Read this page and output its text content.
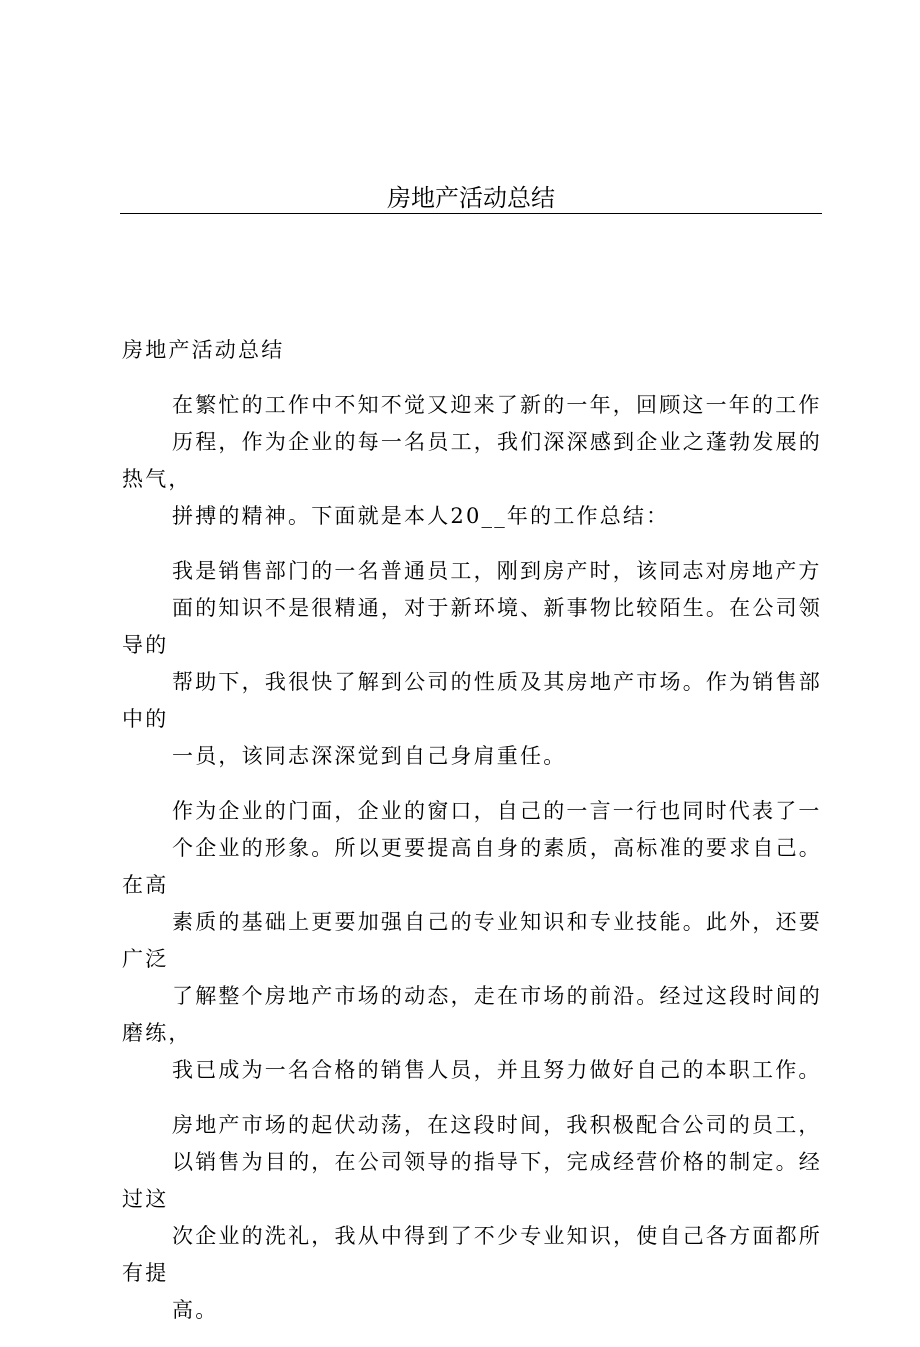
房地产活动总结
房地产活动总结
在繁忙的工作中不知不觉又迎来了新的一年，回顾这一年的工作
历程，作为企业的每一名员工，我们深深感到企业之蓬勃发展的热气，
拼搏的精神。下面就是本人20__年的工作总结：
我是销售部门的一名普通员工，刚到房产时，该同志对房地产方
面的知识不是很精通，对于新环境、新事物比较陌生。在公司领导的
帮助下，我很快了解到公司的性质及其房地产市场。作为销售部中的
一员，该同志深深觉到自己身肩重任。
作为企业的门面，企业的窗口，自己的一言一行也同时代表了一
个企业的形象。所以更要提高自身的素质，高标准的要求自己。在高
素质的基础上更要加强自己的专业知识和专业技能。此外，还要广泛
了解整个房地产市场的动态，走在市场的前沿。经过这段时间的磨练，
我已成为一名合格的销售人员，并且努力做好自己的本职工作。
房地产市场的起伏动荡，在这段时间，我积极配合公司的员工，
以销售为目的，在公司领导的指导下，完成经营价格的制定。经过这
次企业的洗礼，我从中得到了不少专业知识，使自己各方面都所有提
高。
